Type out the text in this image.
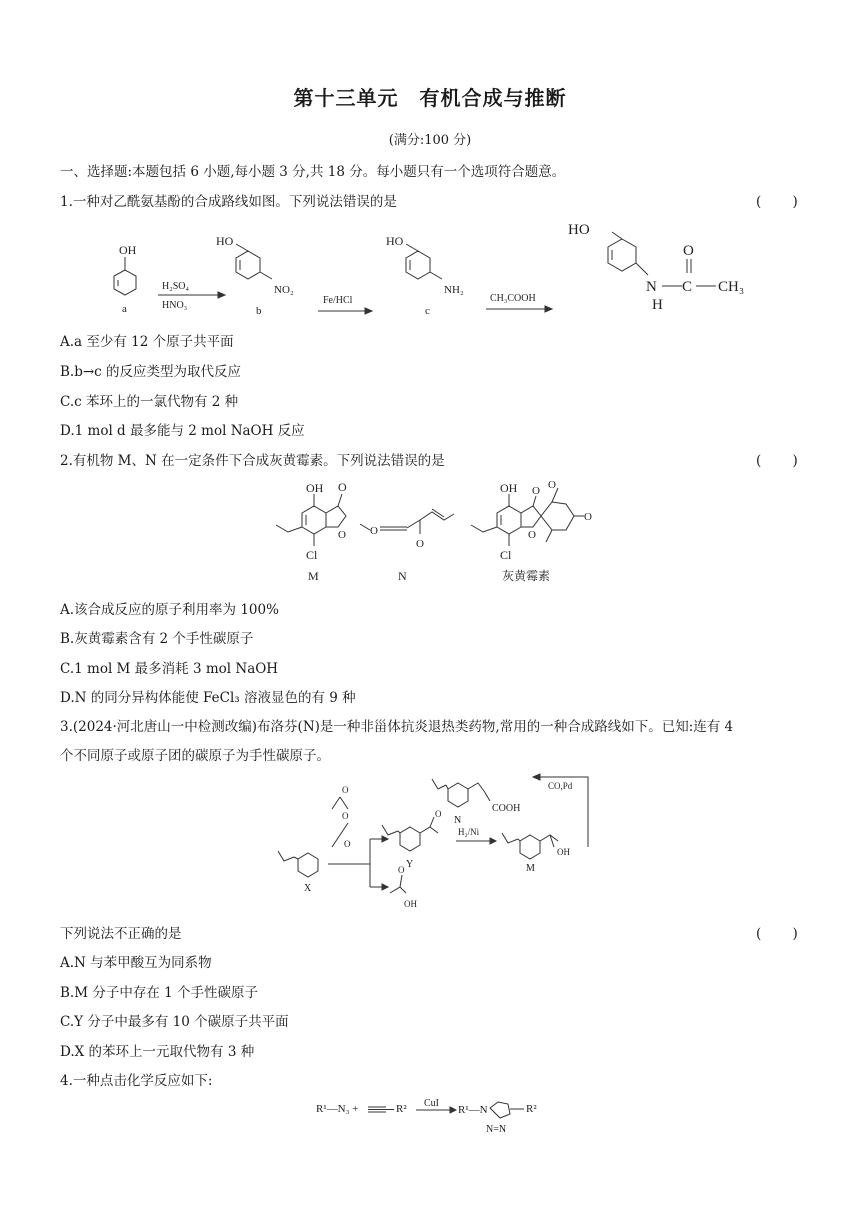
第十三单元　有机合成与推断
(满分:100 分)
一、选择题:本题包括 6 小题,每小题 3 分,共 18 分。每小题只有一个选项符合题意。
1.一种对乙酰氨基酚的合成路线如图。下列说法错误的是	(　 　)
OH
a
H₂SO₄
HNO₃
HO
NO₂
b
Fe/HCl
HO
NH₂
c
CH₃COOH
HO
N
H
C
O
CH₃
A.a 至少有 12 个原子共平面
B.b→c 的反应类型为取代反应
C.c 苯环上的一氯代物有 2 种
D.1 mol d 最多能与 2 mol NaOH 反应
2.有机物 M、N 在一定条件下合成灰黄霉素。下列说法错误的是	(　 　)
OH O
O
Cl
M
O
O
N
OH O
O
O
O
Cl
灰黄霉素
A.该合成反应的原子利用率为 100%
B.灰黄霉素含有 2 个手性碳原子
C.1 mol M 最多消耗 3 mol NaOH
D.N 的同分异构体能使 FeCl₃ 溶液显色的有 9 种
3.(2024·河北唐山一中检测改编)布洛芬(N)是一种非甾体抗炎退热类药物,常用的一种合成路线如下。已知:连有 4
个不同原子或原子团的碳原子为手性碳原子。
COOH
N
CO,Pd
O
O
O
X
O
Y
H₂/Ni
OH
M
O
OH
下列说法不正确的是	(　 　)
A.N 与苯甲酸互为同系物
B.M 分子中存在 1 个手性碳原子
C.Y 分子中最多有 10 个碳原子共平面
D.X 的苯环上一元取代物有 3 种
4.一种点击化学反应如下:
R¹—N₃ +	R² CuI
R¹—N	R²
N=N
